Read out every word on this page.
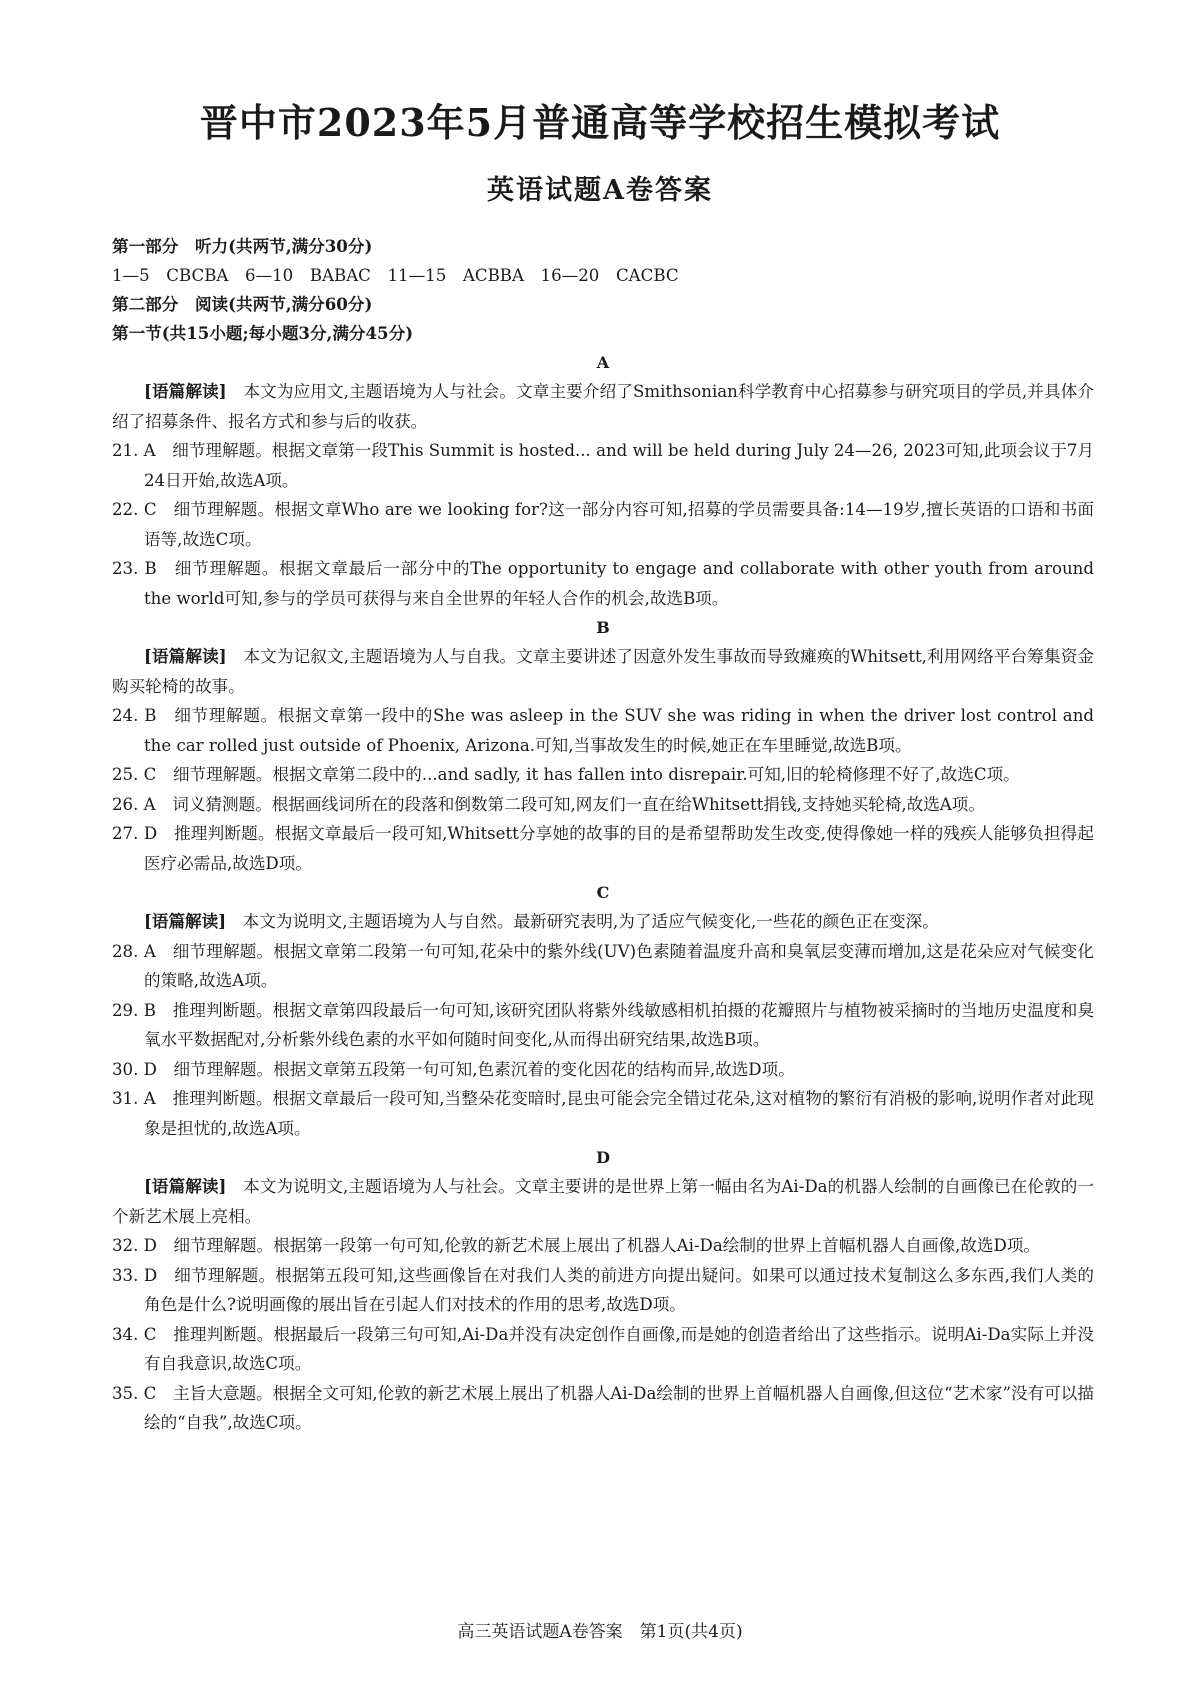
晋中市2023年5月普通高等学校招生模拟考试
英语试题A卷答案
第一部分　听力(共两节,满分30分)
1—5　CBCBA　6—10　BABAC　11—15　ACBBA　16—20　CACBC
第二部分　阅读(共两节,满分60分)
第一节(共15小题;每小题3分,满分45分)
A
[语篇解读]　 本文为应用文,主题语境为人与社会。文章主要介绍了Smithsonian科学教育中心招募参与研究项目的学员,并具体介绍了招募条件、报名方式和参与后的收获。
21. A　细节理解题。根据文章第一段This Summit is hosted... and will be held during July 24—26, 2023可知,此项会议于7月24日开始,故选A项。
22. C　细节理解题。根据文章Who are we looking for?这一部分内容可知,招募的学员需要具备:14—19岁,擅长英语的口语和书面语等,故选C项。
23. B　细节理解题。根据文章最后一部分中的The opportunity to engage and collaborate with other youth from around the world可知,参与的学员可获得与来自全世界的年轻人合作的机会,故选B项。
B
[语篇解读]　 本文为记叙文,主题语境为人与自我。文章主要讲述了因意外发生事故而导致瘫痪的Whitsett,利用网络平台筹集资金购买轮椅的故事。
24. B　细节理解题。根据文章第一段中的She was asleep in the SUV she was riding in when the driver lost control and the car rolled just outside of Phoenix, Arizona.可知,当事故发生的时候,她正在车里睡觉,故选B项。
25. C　细节理解题。根据文章第二段中的...and sadly, it has fallen into disrepair.可知,旧的轮椅修理不好了,故选C项。
26. A　词义猜测题。根据画线词所在的段落和倒数第二段可知,网友们一直在给Whitsett捐钱,支持她买轮椅,故选A项。
27. D　推理判断题。根据文章最后一段可知,Whitsett分享她的故事的目的是希望帮助发生改变,使得像她一样的残疾人能够负担得起医疗必需品,故选D项。
C
[语篇解读]　 本文为说明文,主题语境为人与自然。最新研究表明,为了适应气候变化,一些花的颜色正在变深。
28. A　细节理解题。根据文章第二段第一句可知,花朵中的紫外线(UV)色素随着温度升高和臭氧层变薄而增加,这是花朵应对气候变化的策略,故选A项。
29. B　推理判断题。根据文章第四段最后一句可知,该研究团队将紫外线敏感相机拍摄的花瓣照片与植物被采摘时的当地历史温度和臭氧水平数据配对,分析紫外线色素的水平如何随时间变化,从而得出研究结果,故选B项。
30. D　细节理解题。根据文章第五段第一句可知,色素沉着的变化因花的结构而异,故选D项。
31. A　推理判断题。根据文章最后一段可知,当整朵花变暗时,昆虫可能会完全错过花朵,这对植物的繁衍有消极的影响,说明作者对此现象是担忧的,故选A项。
D
[语篇解读]　 本文为说明文,主题语境为人与社会。文章主要讲的是世界上第一幅由名为Ai-Da的机器人绘制的自画像已在伦敦的一个新艺术展上亮相。
32. D　细节理解题。根据第一段第一句可知,伦敦的新艺术展上展出了机器人Ai-Da绘制的世界上首幅机器人自画像,故选D项。
33. D　细节理解题。根据第五段可知,这些画像旨在对我们人类的前进方向提出疑问。如果可以通过技术复制这么多东西,我们人类的角色是什么?说明画像的展出旨在引起人们对技术的作用的思考,故选D项。
34. C　推理判断题。根据最后一段第三句可知,Ai-Da并没有决定创作自画像,而是她的创造者给出了这些指示。说明Ai-Da实际上并没有自我意识,故选C项。
35. C　主旨大意题。根据全文可知,伦敦的新艺术展上展出了机器人Ai-Da绘制的世界上首幅机器人自画像,但这位“艺术家”没有可以描绘的“自我”,故选C项。
高三英语试题A卷答案　第1页(共4页)
